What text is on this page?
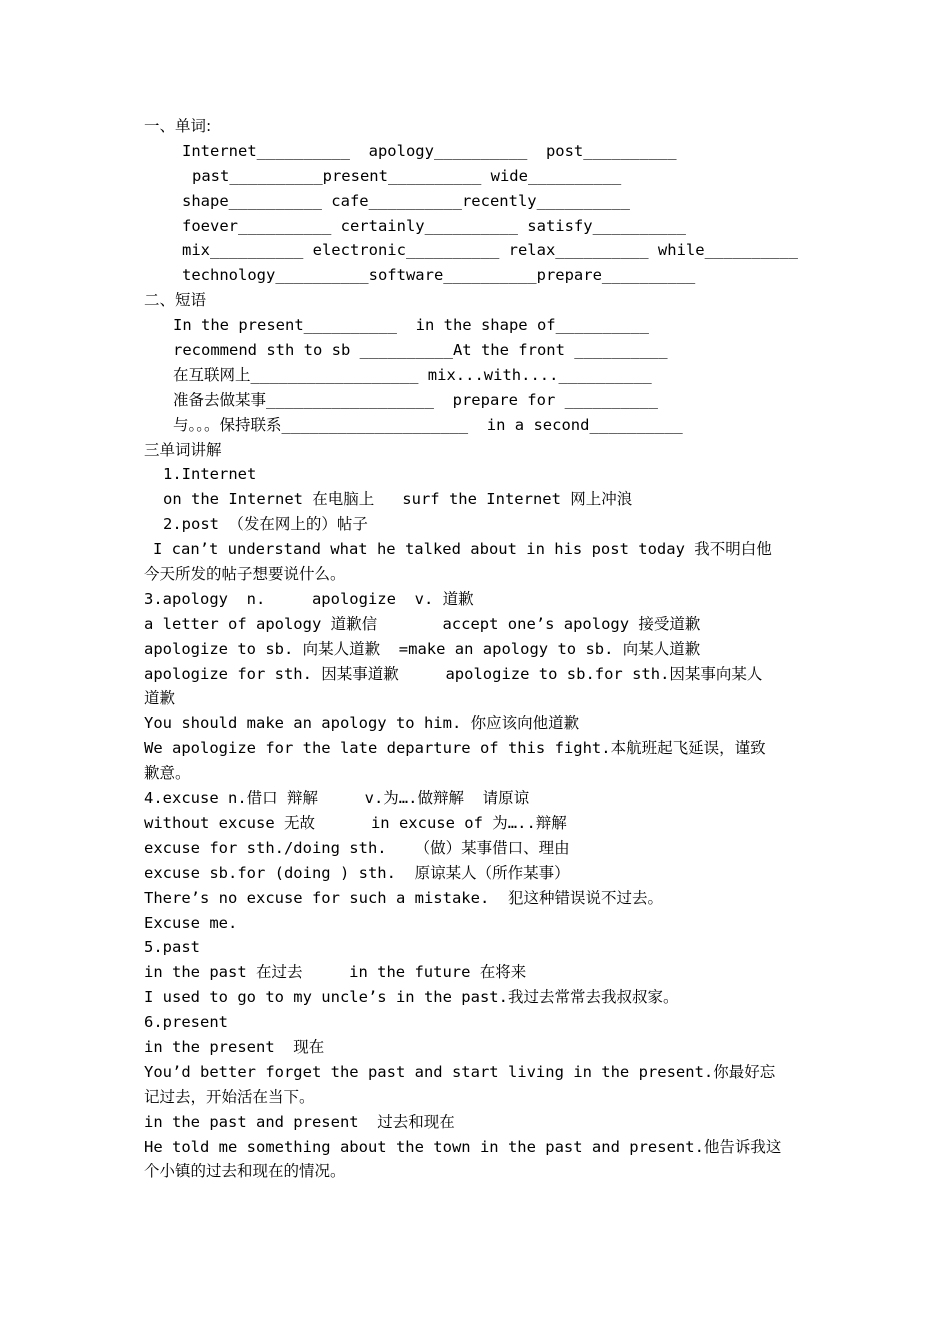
一、单词:
Internet__________  apology__________  post__________
past__________present__________ wide__________
shape__________ cafe__________recently__________
foever__________ certainly__________ satisfy__________
mix__________ electronic__________ relax__________ while__________
technology__________software__________prepare__________
二、短语
In the present__________  in the shape of__________
recommend sth to sb __________At the front __________
在互联网上__________________ mix...with....__________
准备去做某事__________________  prepare for __________
与。。。保持联系____________________  in a second__________
三单词讲解
1.Internet
on the Internet 在电脑上   surf the Internet 网上冲浪
2.post （发在网上的）帖子
I can’t understand what he talked about in his post today 我不明白他
今天所发的帖子想要说什么。
3.apology  n.     apologize  v. 道歉
a letter of apology 道歉信       accept one’s apology 接受道歉
apologize to sb. 向某人道歉  =make an apology to sb. 向某人道歉
apologize for sth. 因某事道歉     apologize to sb.for sth.因某事向某人
道歉
You should make an apology to him. 你应该向他道歉
We apologize for the late departure of this fight.本航班起飞延误，谨致
歉意。
4.excuse n.借口 辩解     v.为….做辩解  请原谅
without excuse 无故      in excuse of 为…..辩解
excuse for sth./doing sth.   （做）某事借口、理由
excuse sb.for (doing ) sth.  原谅某人（所作某事）
There’s no excuse for such a mistake.  犯这种错误说不过去。
Excuse me.
5.past
in the past 在过去     in the future 在将来
I used to go to my uncle’s in the past.我过去常常去我叔叔家。
6.present
in the present  现在
You’d better forget the past and start living in the present.你最好忘
记过去，开始活在当下。
in the past and present  过去和现在
He told me something about the town in the past and present.他告诉我这
个小镇的过去和现在的情况。
